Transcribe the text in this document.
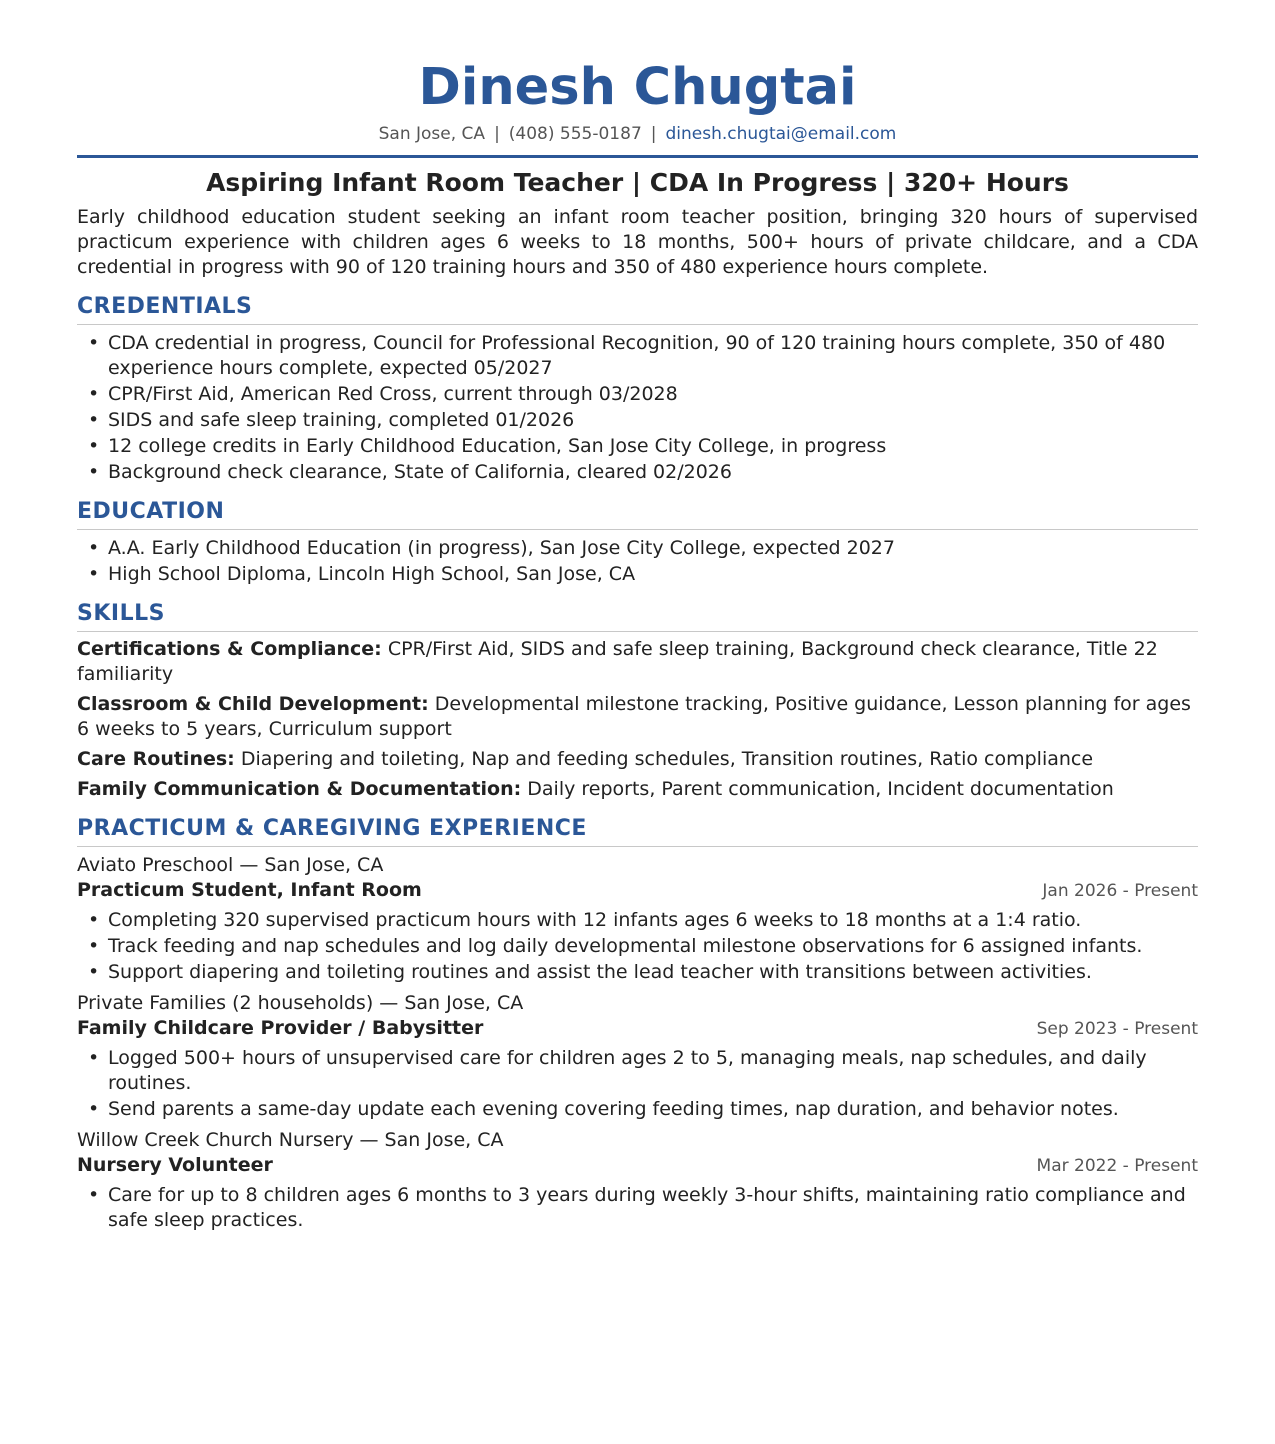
Dinesh Chugtai
San Jose, CA | (408) 555-0187 | dinesh.chugtai@email.com
Aspiring Infant Room Teacher | CDA In Progress | 320+ Hours
Early childhood education student seeking an infant room teacher position, bringing 320 hours of supervised practicum experience with children ages 6 weeks to 18 months, 500+ hours of private childcare, and a CDA credential in progress with 90 of 120 training hours and 350 of 480 experience hours complete.
CREDENTIALS
• CDA credential in progress, Council for Professional Recognition, 90 of 120 training hours complete, 350 of 480 experience hours complete, expected 05/2027
• CPR/First Aid, American Red Cross, current through 03/2028
• SIDS and safe sleep training, completed 01/2026
• 12 college credits in Early Childhood Education, San Jose City College, in progress
• Background check clearance, State of California, cleared 02/2026
EDUCATION
• A.A. Early Childhood Education (in progress), San Jose City College, expected 2027
• High School Diploma, Lincoln High School, San Jose, CA
SKILLS
Certifications & Compliance: CPR/First Aid, SIDS and safe sleep training, Background check clearance, Title 22 familiarity
Classroom & Child Development: Developmental milestone tracking, Positive guidance, Lesson planning for ages 6 weeks to 5 years, Curriculum support
Care Routines: Diapering and toileting, Nap and feeding schedules, Transition routines, Ratio compliance
Family Communication & Documentation: Daily reports, Parent communication, Incident documentation
PRACTICUM & CAREGIVING EXPERIENCE
Aviato Preschool — San Jose, CA
Practicum Student, Infant Room	Jan 2026 - Present
• Completing 320 supervised practicum hours with 12 infants ages 6 weeks to 18 months at a 1:4 ratio.
• Track feeding and nap schedules and log daily developmental milestone observations for 6 assigned infants.
• Support diapering and toileting routines and assist the lead teacher with transitions between activities.
Private Families (2 households) — San Jose, CA
Family Childcare Provider / Babysitter	Sep 2023 - Present
• Logged 500+ hours of unsupervised care for children ages 2 to 5, managing meals, nap schedules, and daily routines.
• Send parents a same-day update each evening covering feeding times, nap duration, and behavior notes.
Willow Creek Church Nursery — San Jose, CA
Nursery Volunteer	Mar 2022 - Present
• Care for up to 8 children ages 6 months to 3 years during weekly 3-hour shifts, maintaining ratio compliance and safe sleep practices.
